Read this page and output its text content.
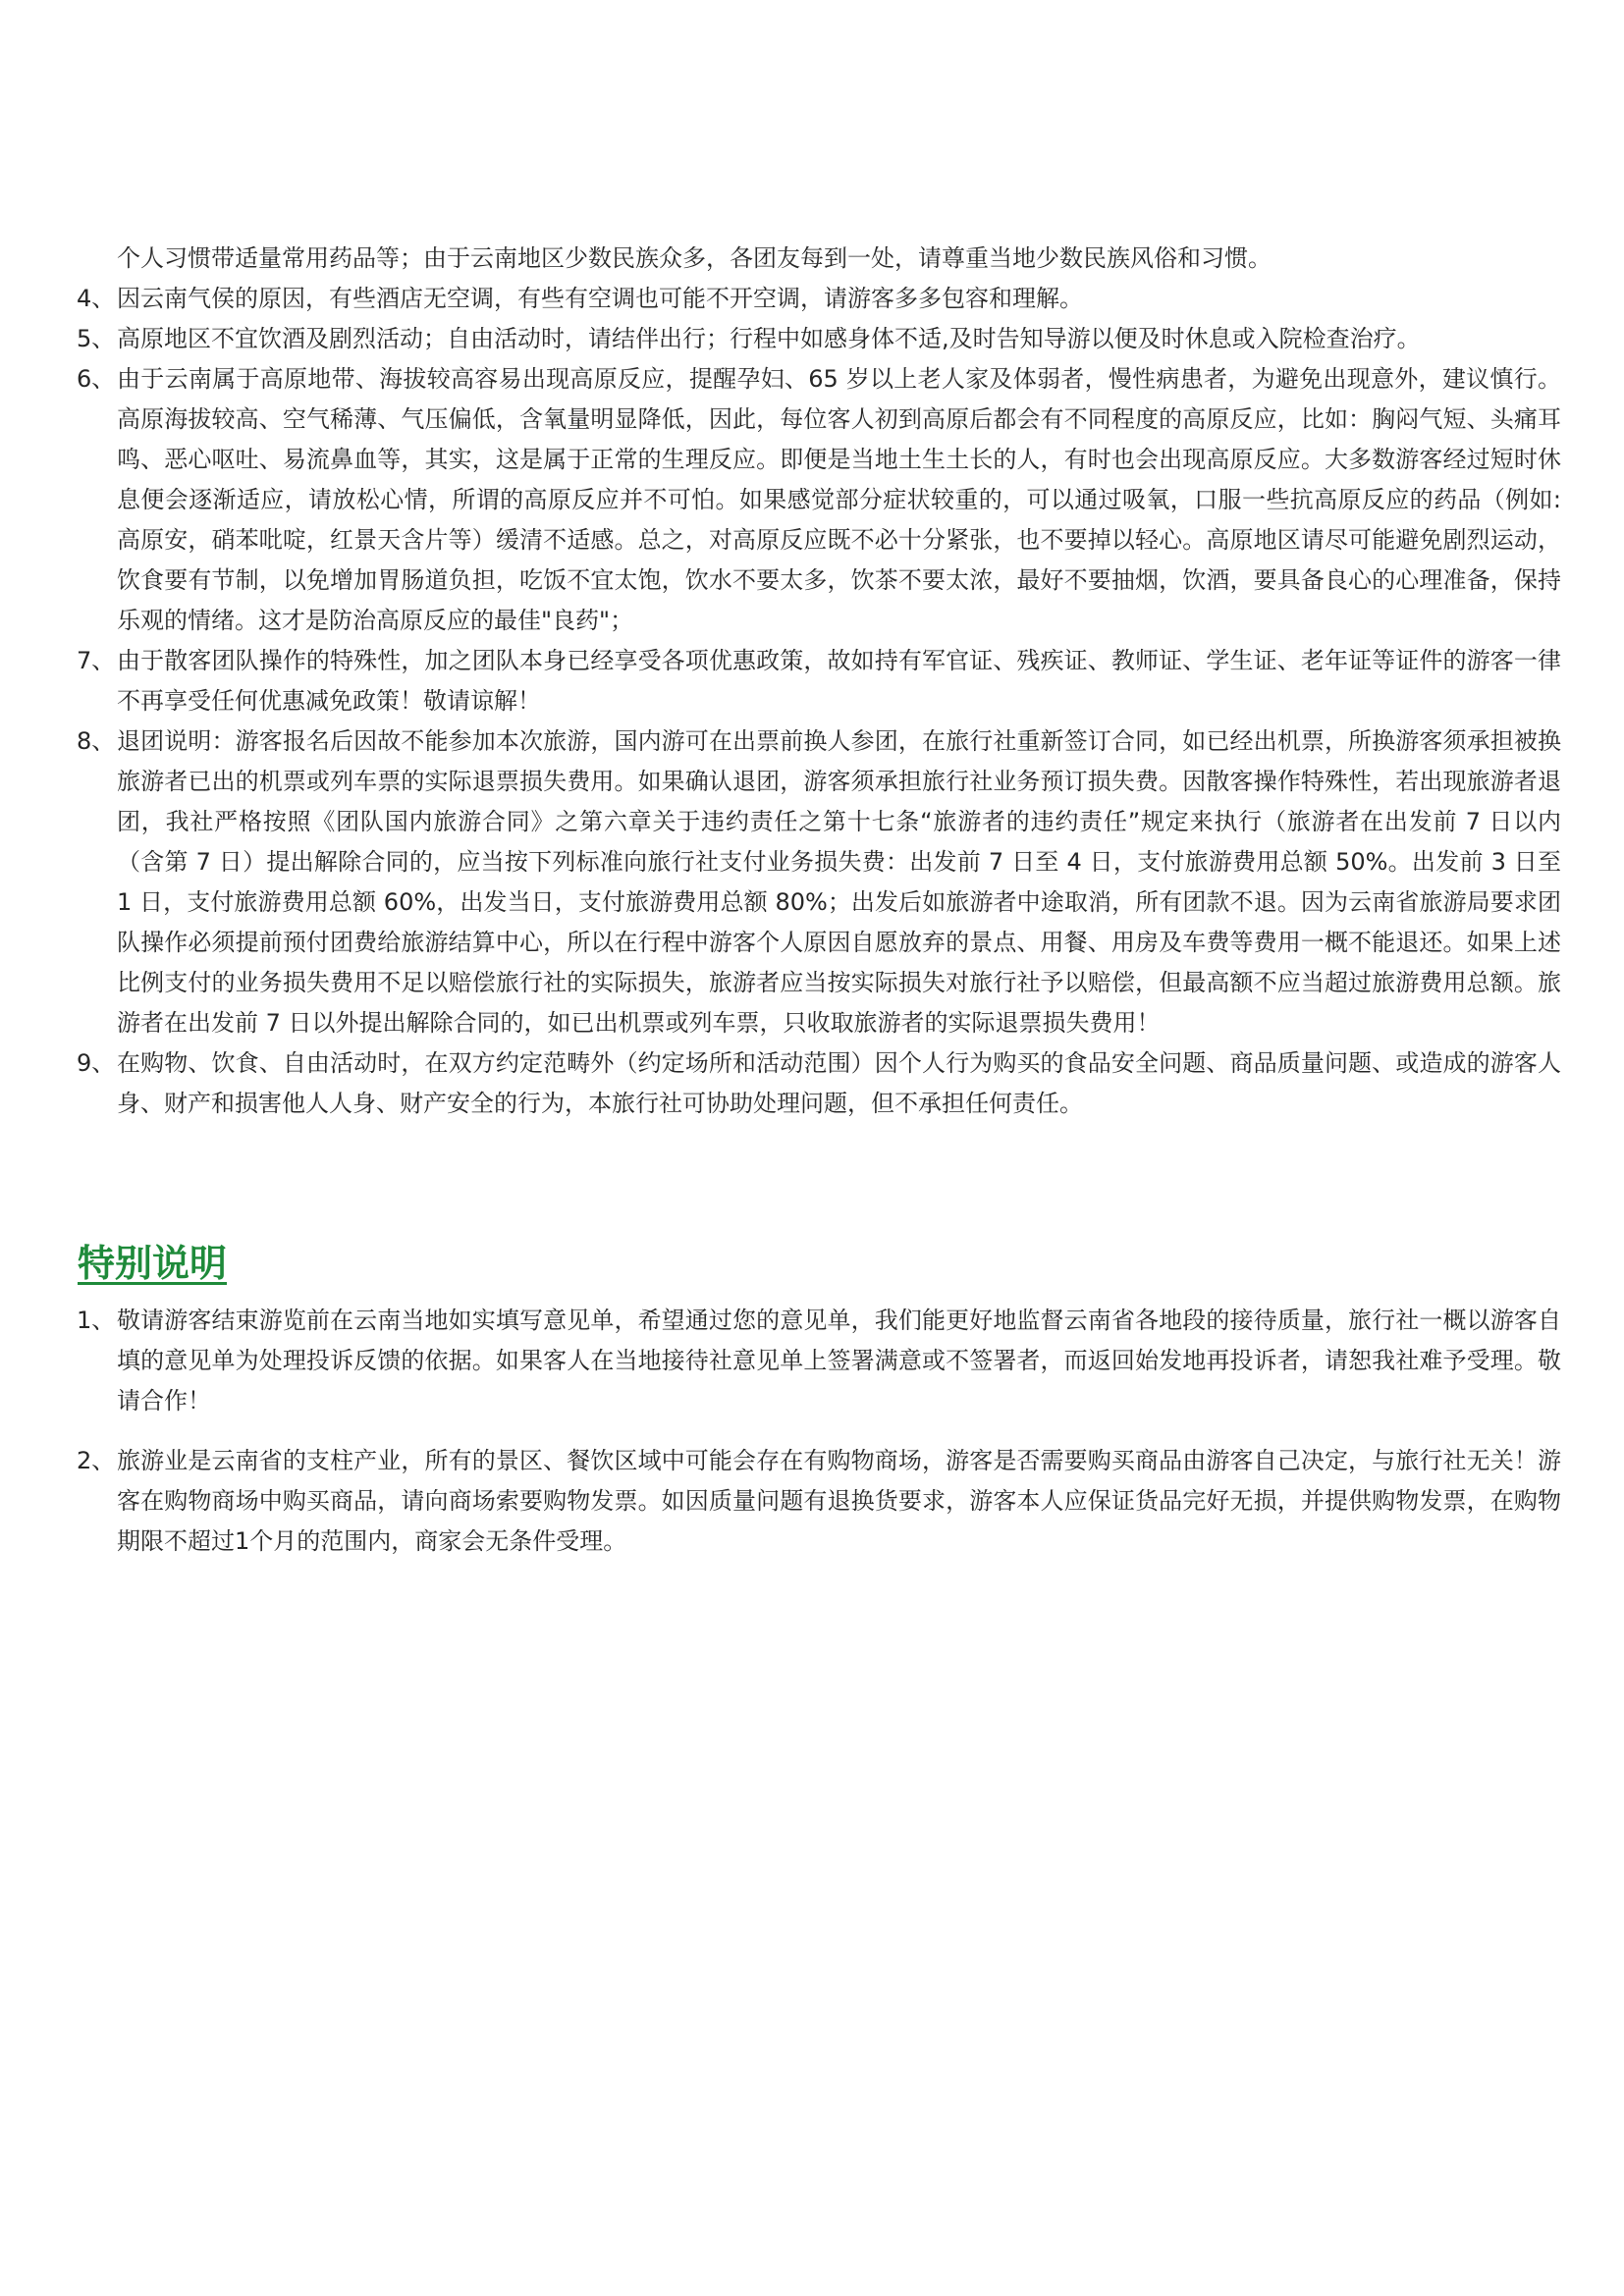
个人习惯带适量常用药品等；由于云南地区少数民族众多，各团友每到一处，请尊重当地少数民族风俗和习惯。
4、 因云南气侯的原因，有些酒店无空调，有些有空调也可能不开空调，请游客多多包容和理解。
5、 高原地区不宜饮酒及剧烈活动；自由活动时，请结伴出行；行程中如感身体不适,及时告知导游以便及时休息或入院检查治疗。
6、 由于云南属于高原地带、海拔较高容易出现高原反应，提醒孕妇、65 岁以上老人家及体弱者，慢性病患者，为避免出现意外，建议慎行。高原海拔较高、空气稀薄、气压偏低，含氧量明显降低，因此，每位客人初到高原后都会有不同程度的高原反应，比如：胸闷气短、头痛耳鸣、恶心呕吐、易流鼻血等，其实，这是属于正常的生理反应。即便是当地土生土长的人，有时也会出现高原反应。大多数游客经过短时休息便会逐渐适应，请放松心情，所谓的高原反应并不可怕。如果感觉部分症状较重的，可以通过吸氧，口服一些抗高原反应的药品（例如:高原安，硝苯吡啶，红景天含片等）缓清不适感。总之，对高原反应既不必十分紧张，也不要掉以轻心。高原地区请尽可能避免剧烈运动，饮食要有节制，以免增加胃肠道负担，吃饭不宜太饱，饮水不要太多，饮茶不要太浓，最好不要抽烟，饮酒，要具备良心的心理准备，保持乐观的情绪。这才是防治高原反应的最佳"良药"；
7、 由于散客团队操作的特殊性，加之团队本身已经享受各项优惠政策，故如持有军官证、残疾证、教师证、学生证、老年证等证件的游客一律不再享受任何优惠减免政策！敬请谅解！
8、 退团说明：游客报名后因故不能参加本次旅游，国内游可在出票前换人参团，在旅行社重新签订合同，如已经出机票，所换游客须承担被换旅游者已出的机票或列车票的实际退票损失费用。如果确认退团，游客须承担旅行社业务预订损失费。因散客操作特殊性，若出现旅游者退团，我社严格按照《团队国内旅游合同》之第六章关于违约责任之第十七条“旅游者的违约责任”规定来执行（旅游者在出发前 7 日以内（含第 7 日）提出解除合同的，应当按下列标准向旅行社支付业务损失费：出发前 7 日至 4 日，支付旅游费用总额 50%。出发前 3 日至 1 日，支付旅游费用总额 60%，出发当日，支付旅游费用总额 80%；出发后如旅游者中途取消，所有团款不退。因为云南省旅游局要求团队操作必须提前预付团费给旅游结算中心，所以在行程中游客个人原因自愿放弃的景点、用餐、用房及车费等费用一概不能退还。如果上述比例支付的业务损失费用不足以赔偿旅行社的实际损失，旅游者应当按实际损失对旅行社予以赔偿，但最高额不应当超过旅游费用总额。旅游者在出发前 7 日以外提出解除合同的，如已出机票或列车票，只收取旅游者的实际退票损失费用！
9、 在购物、饮食、自由活动时，在双方约定范畴外（约定场所和活动范围）因个人行为购买的食品安全问题、商品质量问题、或造成的游客人身、财产和损害他人人身、财产安全的行为，本旅行社可协助处理问题，但不承担任何责任。
特别说明
1、 敬请游客结束游览前在云南当地如实填写意见单，希望通过您的意见单，我们能更好地监督云南省各地段的接待质量，旅行社一概以游客自填的意见单为处理投诉反馈的依据。如果客人在当地接待社意见单上签署满意或不签署者，而返回始发地再投诉者，请恕我社难予受理。敬请合作！
2、 旅游业是云南省的支柱产业，所有的景区、餐饮区域中可能会存在有购物商场，游客是否需要购买商品由游客自己决定，与旅行社无关！游客在购物商场中购买商品，请向商场索要购物发票。如因质量问题有退换货要求，游客本人应保证货品完好无损，并提供购物发票，在购物期限不超过1个月的范围内，商家会无条件受理。
